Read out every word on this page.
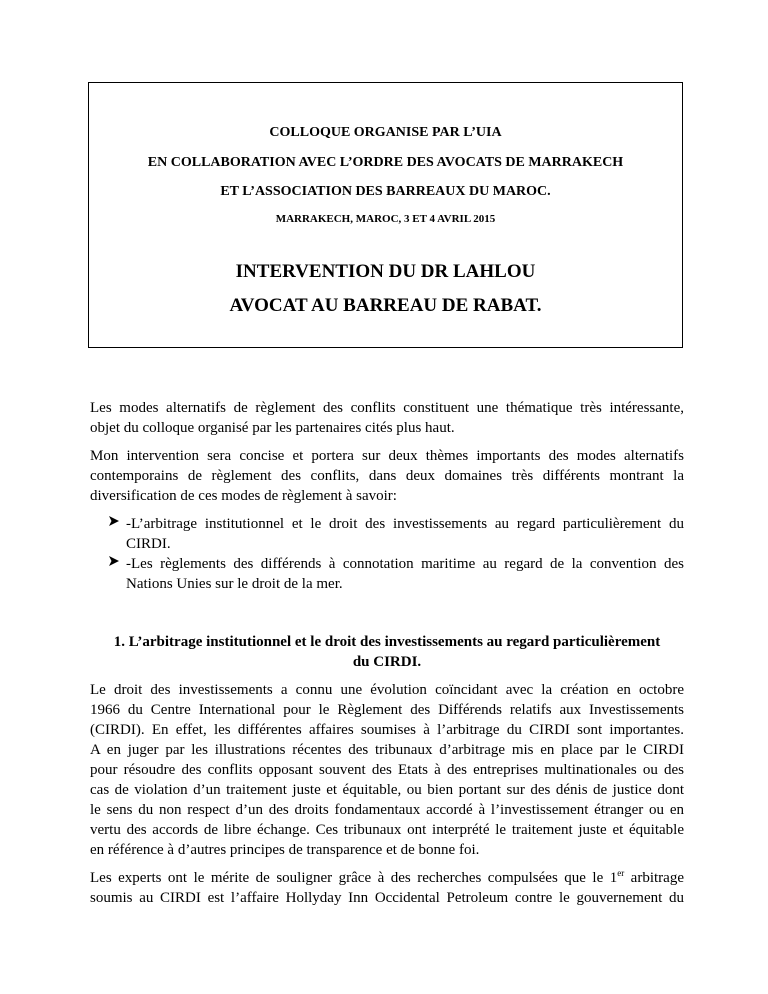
COLLOQUE ORGANISE PAR L’UIA
EN COLLABORATION AVEC L’ORDRE DES AVOCATS DE MARRAKECH
ET L’ASSOCIATION DES BARREAUX DU MAROC.
MARRAKECH, MAROC, 3 ET 4 AVRIL 2015
INTERVENTION DU DR LAHLOU
AVOCAT AU BARREAU DE RABAT.
Les modes alternatifs de règlement des conflits constituent une thématique très intéressante,
objet du colloque organisé par les partenaires cités plus haut.
Mon intervention sera concise et portera sur deux thèmes importants des modes alternatifs
contemporains de règlement des conflits, dans deux domaines très différents montrant la
diversification de ces modes de règlement à savoir:
-L’arbitrage institutionnel et le droit des investissements au regard particulièrement du
CIRDI.
-Les règlements des différends à connotation maritime au regard de la convention des
Nations Unies sur le droit de la mer.
1. L’arbitrage institutionnel et le droit des investissements au regard particulièrement
du CIRDI.
Le droit des investissements a connu une évolution coïncidant avec la création en octobre
1966 du Centre International pour le Règlement des Différends relatifs aux Investissements
(CIRDI). En effet, les différentes affaires soumises à l’arbitrage du CIRDI sont importantes.
A en juger par les illustrations récentes des tribunaux d’arbitrage mis en place par le CIRDI
pour résoudre des conflits opposant souvent des Etats à des entreprises multinationales ou des
cas de violation d’un traitement juste et équitable, ou bien portant sur des dénis de justice dont
le sens du non respect d’un des droits fondamentaux accordé à l’investissement étranger ou en
vertu des accords de libre échange. Ces tribunaux ont interprété le traitement juste et équitable
en référence à d’autres principes de transparence et de bonne foi.
Les experts ont le mérite de souligner grâce à des recherches compulsées que le 1er arbitrage
soumis au CIRDI est l’affaire Hollyday Inn Occidental Petroleum contre le gouvernement du
